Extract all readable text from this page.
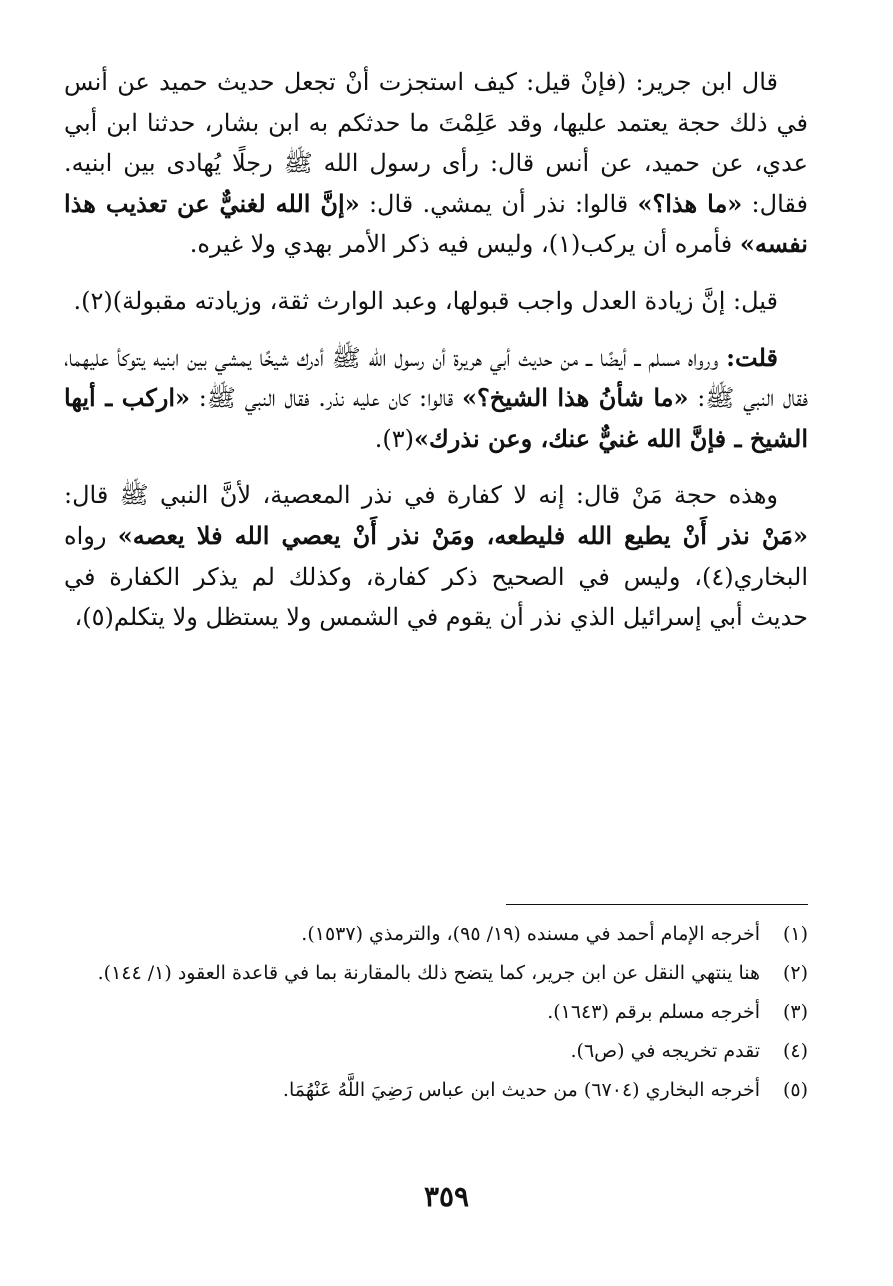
قال ابن جرير: (فإنْ قيل: كيف استجزت أنْ تجعل حديث حميد عن أنس في ذلك حجة يعتمد عليها، وقد عَلِمْتَ ما حدثكم به ابن بشار، حدثنا ابن أبي عدي، عن حميد، عن أنس قال: رأى رسول الله ﷺ رجلًا يُهادى بين ابنيه. فقال: «ما هذا؟» قالوا: نذر أن يمشي. قال: «إنَّ الله لغنيٌّ عن تعذيب هذا نفسه» فأمره أن يركب(١)، وليس فيه ذكر الأمر بهدي ولا غيره.

قيل: إنَّ زيادة العدل واجب قبولها، وعبد الوارث ثقة، وزيادته مقبولة)(٢).

قلت: ورواه مسلم ــ أيضًا ــ من حديث أبي هريرة أن رسول الله ﷺ أدرك شيخًا يمشي بين ابنيه يتوكأ عليهما، فقال النبي ﷺ: «ما شأنُ هذا الشيخ؟» قالوا: كان عليه نذر. فقال النبي ﷺ: «اركب ـ أيها الشيخ ـ فإنَّ الله غنيٌّ عنك، وعن نذرك»(٣).

وهذه حجة مَنْ قال: إنه لا كفارة في نذر المعصية، لأنَّ النبي ﷺ قال: «مَنْ نذر أَنْ يطيع الله فليطعه، ومَنْ نذر أَنْ يعصي الله فلا يعصه» رواه البخاري(٤)، وليس في الصحيح ذكر كفارة، وكذلك لم يذكر الكفارة في حديث أبي إسرائيل الذي نذر أن يقوم في الشمس ولا يستظل ولا يتكلم(٥)،

(١)
أخرجه الإمام أحمد في مسنده (١٩/ ٩٥)، والترمذي (١٥٣٧).
(٢)
هنا ينتهي النقل عن ابن جرير، كما يتضح ذلك بالمقارنة بما في قاعدة العقود (١/ ١٤٤).
(٣)
أخرجه مسلم برقم (١٦٤٣).
(٤)
تقدم تخريجه في (ص٦).
(٥)
أخرجه البخاري (٦٧٠٤) من حديث ابن عباس رَضِيَ اللَّهُ عَنْهُمَا.
٣٥٩
